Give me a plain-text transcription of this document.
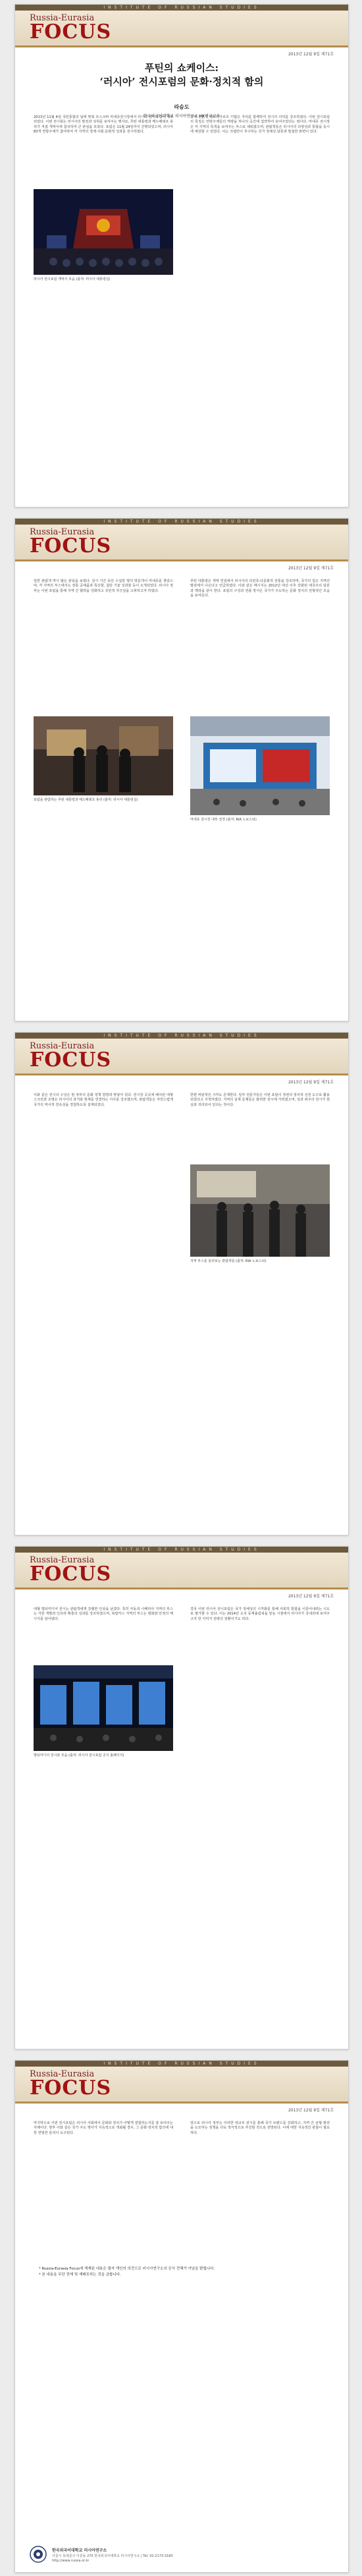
INSTITUTE OF RUSSIAN STUDIES
Russia-Eurasia
FOCUS
2013년 12월 9일 제71호
푸틴의 쇼케이스:
‘러시아’ 전시포럼의 문화·정치적 함의
라승도
한국외국어대학교 러시아연구소 HK연구교수

2013년 11월 4일 국민통합의 날에 맞춰 모스크바 마네쥬전시장에서 러시아 전시포럼이 개막되었다. 이번 전시회는 러시아의 발전과 성취를 보여주는 행사로, 푸틴 대통령과 메드베데프 총리가 직접 개막식에 참석하여 큰 관심을 모았다. 포럼은 11월 24일까지 진행되었으며, 러시아 83개 연방주체가 참여하여 각 지역의 경제·사회·문화적 성과를 전시하였다.

중에 전문가 패트리아르흐 키릴은 자리를 함께하여 전시의 의미를 강조하였다. 이번 전시포럼의 특징은 연방주체들의 역량을 하나의 공간에 집약하여 보여주었다는 점이다. 마네쥬 전시장은 각 지역의 특색을 보여주는 부스로 채워졌으며, 관람객들은 러시아의 다양성과 통합을 동시에 체감할 수 있었다. 이는 크렘린이 추구하는 국가 정체성 담론과 밀접한 관련이 있다.

러시아 전시포럼 개막식 모습 (출처: 러시아 대통령실)
INSTITUTE OF RUSSIAN STUDIES
Russia-Eurasia
FOCUS
2013년 12월 9일 제71호

일반 관람객 역시 많은 관심을 보였다. 전시 기간 동안 수십만 명의 방문객이 마네쥬를 찾았으며, 각 지역의 부스에서는 전통 공예품과 특산물, 첨단 기술 성과물 등이 소개되었다. 러시아 정부는 이번 포럼을 통해 지역 간 협력을 강화하고 국민적 자긍심을 고취하고자 하였다.

푸틴 대통령은 개막 연설에서 러시아의 다민족·다문화적 전통을 강조하며, 국가의 힘은 지역의 발전에서 나온다고 언급하였다. 이와 같은 메시지는 2012년 대선 이후 강화된 애국주의 담론과 맥락을 같이 한다. 포럼의 구성과 연출 방식은 국가가 주도하는 문화 정치의 전형적인 모습을 보여준다.

포럼을 관람하는 푸틴 대통령과 메드베데프 총리 (출처: 러시아 대통령실)
마네쥬 전시장 내부 전경 (출처: RIA 노보스티)
INSTITUTE OF RUSSIAN STUDIES
Russia-Eurasia
FOCUS
2013년 12월 9일 제71호

이와 같은 전시의 구성은 현 정부의 문화 정책 방향과 맞닿아 있다. 전시장 곳곳에 배치된 대형 스크린과 조명은 러시아의 과거와 현재를 연결하는 서사를 강조했으며, 관람객들은 자연스럽게 국가의 역사적 연속성을 경험하도록 설계되었다.

한편 비판적인 시각도 존재한다. 일부 전문가들은 이번 포럼이 정권의 정치적 선전 도구로 활용되었다고 지적하였다. 지역의 실제 문제들은 화려한 전시에 가려졌으며, 성과 위주의 전시가 현실과 괴리되어 있다는 것이다.

지역 부스를 둘러보는 관람객들 (출처: RIA 노보스티)
INSTITUTE OF RUSSIAN STUDIES
Russia-Eurasia
FOCUS
2013년 12월 9일 제71호

대형 멀티미디어 전시는 관람객에게 강렬한 인상을 남겼다. 특히 극동과 시베리아 지역의 부스는 자원 개발과 인프라 확충의 성과를 강조하였으며, 북캅카스 지역의 부스는 평화와 안정의 메시지를 담아냈다.

결국 이번 러시아 전시포럼은 국가 정체성의 시각화를 통해 사회적 통합을 이끌어내려는 시도로 평가할 수 있다. 이는 2014년 소치 동계올림픽을 앞둔 시점에서 러시아가 국내외에 보여주고자 한 이미지 전략의 일환이기도 하다.

멀티미디어 전시관 모습 (출처: 러시아 전시포럼 공식 홈페이지)
INSTITUTE OF RUSSIAN STUDIES
Russia-Eurasia
FOCUS
2013년 12월 9일 제71호

마지막으로 이번 전시포럼은 러시아 사회에서 문화와 정치가 어떻게 결합하는지를 잘 보여주는 사례이다. 향후 이와 같은 국가 주도 행사가 지속적으로 개최될 경우, 그 문화·정치적 함의에 대한 면밀한 분석이 요구된다.

앞으로 러시아 정부는 이러한 대규모 전시를 통해 국가 브랜드를 강화하고, 지역 간 균형 발전을 도모하는 정책을 더욱 적극적으로 추진할 것으로 전망된다. 이에 대한 지속적인 관찰이 필요하다.

* Russia-Eurasia Focus에 게재된 내용은 필자 개인의 의견으로 러시아연구소의 공식 견해가 아님을 밝힙니다.
* 본 내용을 무단 전재 및 재배포하는 것을 금합니다.
한국외국어대학교 러시아연구소
서울시 동대문구 이문동 270 한국외국어대학교 러시아연구소 | Tel: 02-2173-3180
http://www.russia.or.kr
